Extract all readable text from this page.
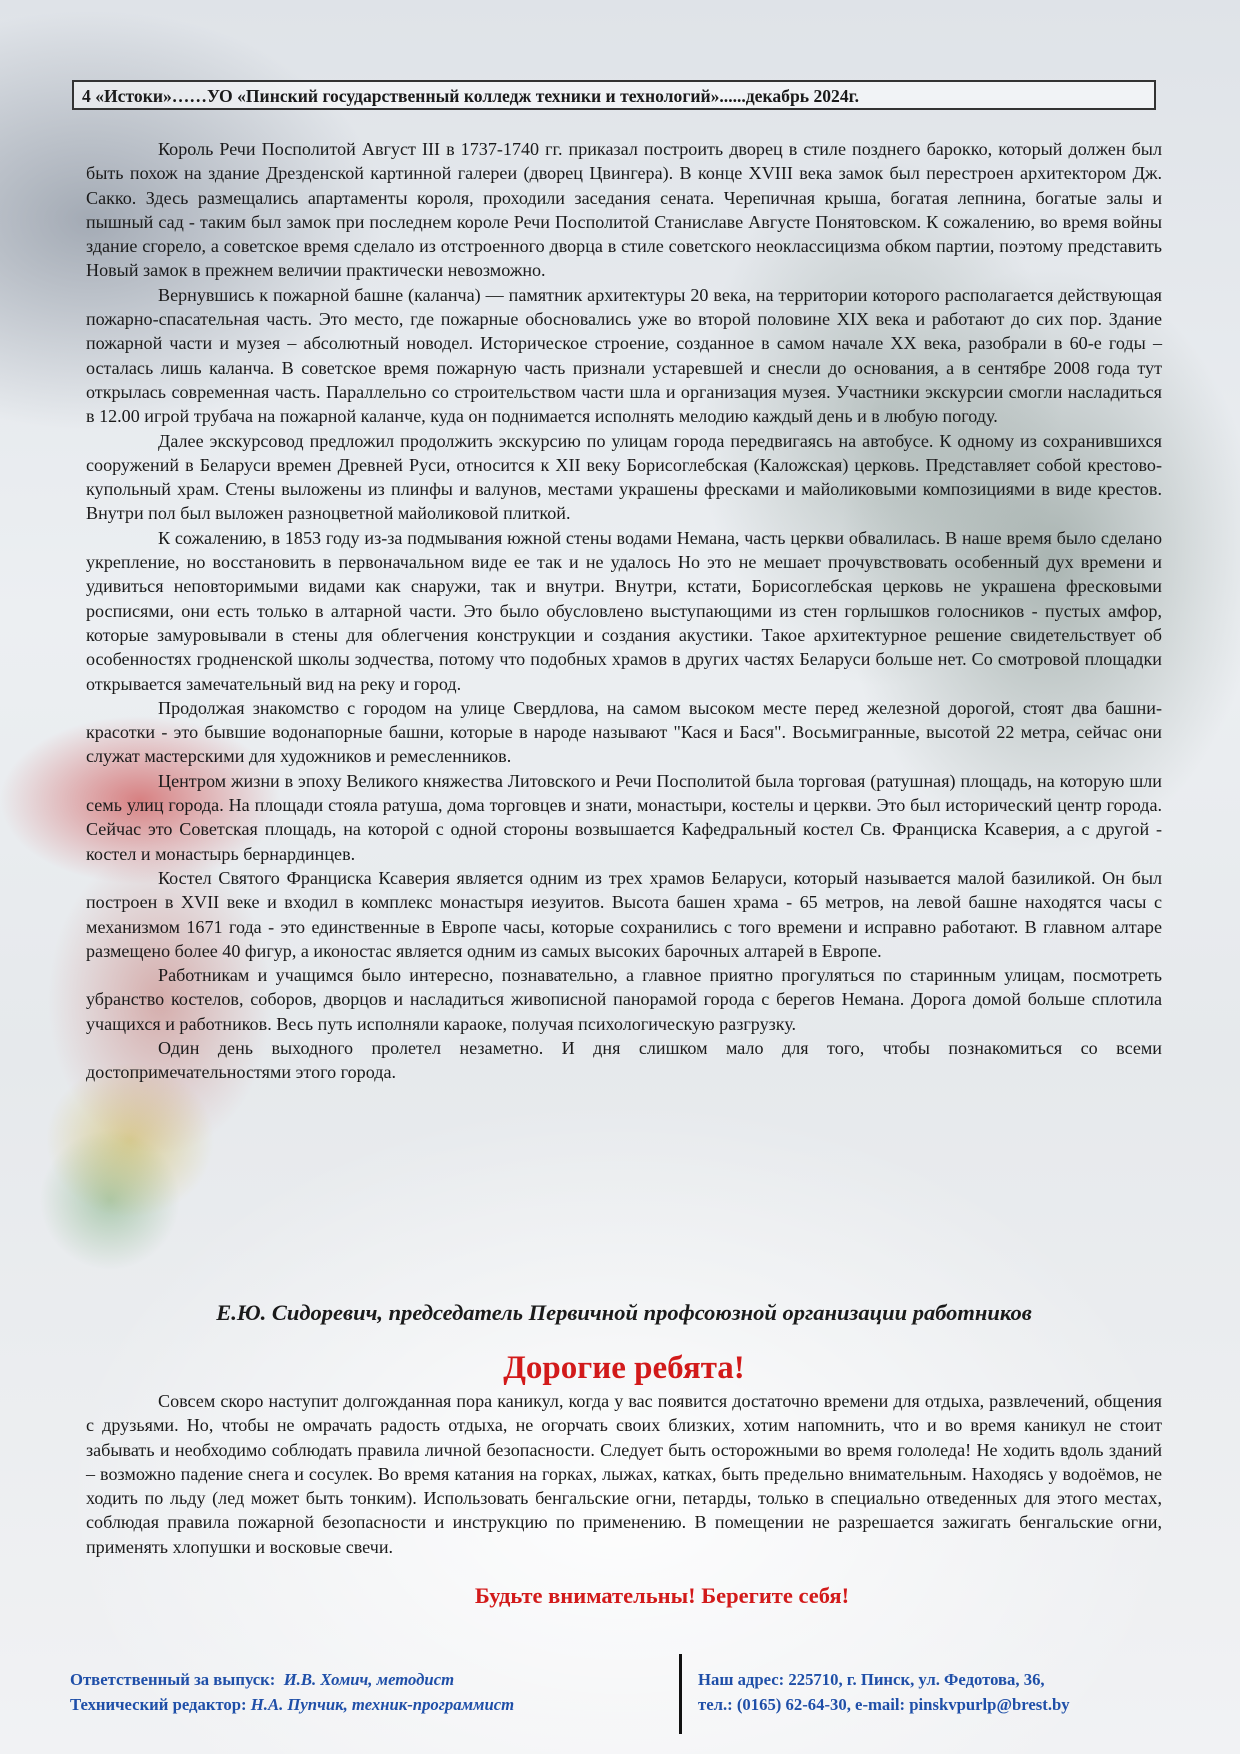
4 «Истоки»……УО «Пинский государственный колледж техники и технологий»......декабрь 2024г.

Король Речи Посполитой Август III в 1737-1740 гг. приказал построить дворец в стиле позднего барокко, который должен был быть похож на здание Дрезденской картинной галереи (дворец Цвингера). В конце XVIII века замок был перестроен архитектором Дж. Сакко. Здесь размещались апартаменты короля, проходили заседания сената. Черепичная крыша, богатая лепнина, богатые залы и пышный сад - таким был замок при последнем короле Речи Посполитой Станиславе Августе Понятовском. К сожалению, во время войны здание сгорело, а советское время сделало из отстроенного дворца в стиле советского неоклассицизма обком партии, поэтому представить Новый замок в прежнем величии практически невозможно.

Вернувшись к пожарной башне (каланча) — памятник архитектуры 20 века, на территории которого располагается действующая пожарно-спасательная часть. Это место, где пожарные обосновались уже во второй половине XIX века и работают до сих пор. Здание пожарной части и музея – абсолютный новодел. Историческое строение, созданное в самом начале XX века, разобрали в 60-е годы – осталась лишь каланча. В советское время пожарную часть признали устаревшей и снесли до основания, а в сентябре 2008 года тут открылась современная часть. Параллельно со строительством части шла и организация музея. Участники экскурсии смогли насладиться в 12.00 игрой трубача на пожарной каланче, куда он поднимается исполнять мелодию каждый день и в любую погоду.

Далее экскурсовод предложил продолжить экскурсию по улицам города передвигаясь на автобусе. К одному из сохранившихся сооружений в Беларуси времен Древней Руси, относится к XII веку Борисоглебская (Каложская) церковь. Представляет собой крестово-купольный храм. Стены выложены из плинфы и валунов, местами украшены фресками и майоликовыми композициями в виде крестов. Внутри пол был выложен разноцветной майоликовой плиткой.

К сожалению, в 1853 году из-за подмывания южной стены водами Немана, часть церкви обвалилась. В наше время было сделано укрепление, но восстановить в первоначальном виде ее так и не удалось Но это не мешает прочувствовать особенный дух времени и удивиться неповторимыми видами как снаружи, так и внутри. Внутри, кстати, Борисоглебская церковь не украшена фресковыми росписями, они есть только в алтарной части. Это было обусловлено выступающими из стен горлышков голосников - пустых амфор, которые замуровывали в стены для облегчения конструкции и создания акустики. Такое архитектурное решение свидетельствует об особенностях гродненской школы зодчества, потому что подобных храмов в других частях Беларуси больше нет. Со смотровой площадки открывается замечательный вид на реку и город.

Продолжая знакомство с городом на улице Свердлова, на самом высоком месте перед железной дорогой, стоят два башни-красотки - это бывшие водонапорные башни, которые в народе называют "Кася и Бася". Восьмигранные, высотой 22 метра, сейчас они служат мастерскими для художников и ремесленников.

Центром жизни в эпоху Великого княжества Литовского и Речи Посполитой была торговая (ратушная) площадь, на которую шли семь улиц города. На площади стояла ратуша, дома торговцев и знати, монастыри, костелы и церкви. Это был исторический центр города. Сейчас это Советская площадь, на которой с одной стороны возвышается Кафедральный костел Св. Франциска Ксаверия, а с другой - костел и монастырь бернардинцев.

Костел Святого Франциска Ксаверия является одним из трех храмов Беларуси, который называется малой базиликой. Он был построен в XVII веке и входил в комплекс монастыря иезуитов. Высота башен храма - 65 метров, на левой башне находятся часы с механизмом 1671 года - это единственные в Европе часы, которые сохранились с того времени и исправно работают. В главном алтаре размещено более 40 фигур, а иконостас является одним из самых высоких барочных алтарей в Европе.

Работникам и учащимся было интересно, познавательно, а главное приятно прогуляться по старинным улицам, посмотреть убранство костелов, соборов, дворцов и насладиться живописной панорамой города с берегов Немана. Дорога домой больше сплотила учащихся и работников. Весь путь исполняли караоке, получая психологическую разгрузку.

Один день выходного пролетел незаметно. И дня слишком мало для того, чтобы познакомиться со всеми достопримечательностями этого города.

Е.Ю. Сидоревич, председатель Первичной профсоюзной организации работников
Дорогие ребята!

Совсем скоро наступит долгожданная пора каникул, когда у вас появится достаточно времени для отдыха, развлечений, общения с друзьями. Но, чтобы не омрачать радость отдыха, не огорчать своих близких, хотим напомнить, что и во время каникул не стоит забывать и необходимо соблюдать правила личной безопасности. Следует быть осторожными во время гололеда! Не ходить вдоль зданий – возможно падение снега и сосулек. Во время катания на горках, лыжах, катках, быть предельно внимательным. Находясь у водоёмов, не ходить по льду (лед может быть тонким). Использовать бенгальские огни, петарды, только в специально отведенных для этого местах, соблюдая правила пожарной безопасности и инструкцию по применению. В помещении не разрешается зажигать бенгальские огни, применять хлопушки и восковые свечи.

Будьте внимательны! Берегите себя!
Ответственный за выпуск: И.В. Хомич, методист
Технический редактор: Н.А. Пупчик, техник-программист
Наш адрес: 225710, г. Пинск, ул. Федотова, 36,
тел.: (0165) 62-64-30, e-mail: pinskvpurlp@brest.by
